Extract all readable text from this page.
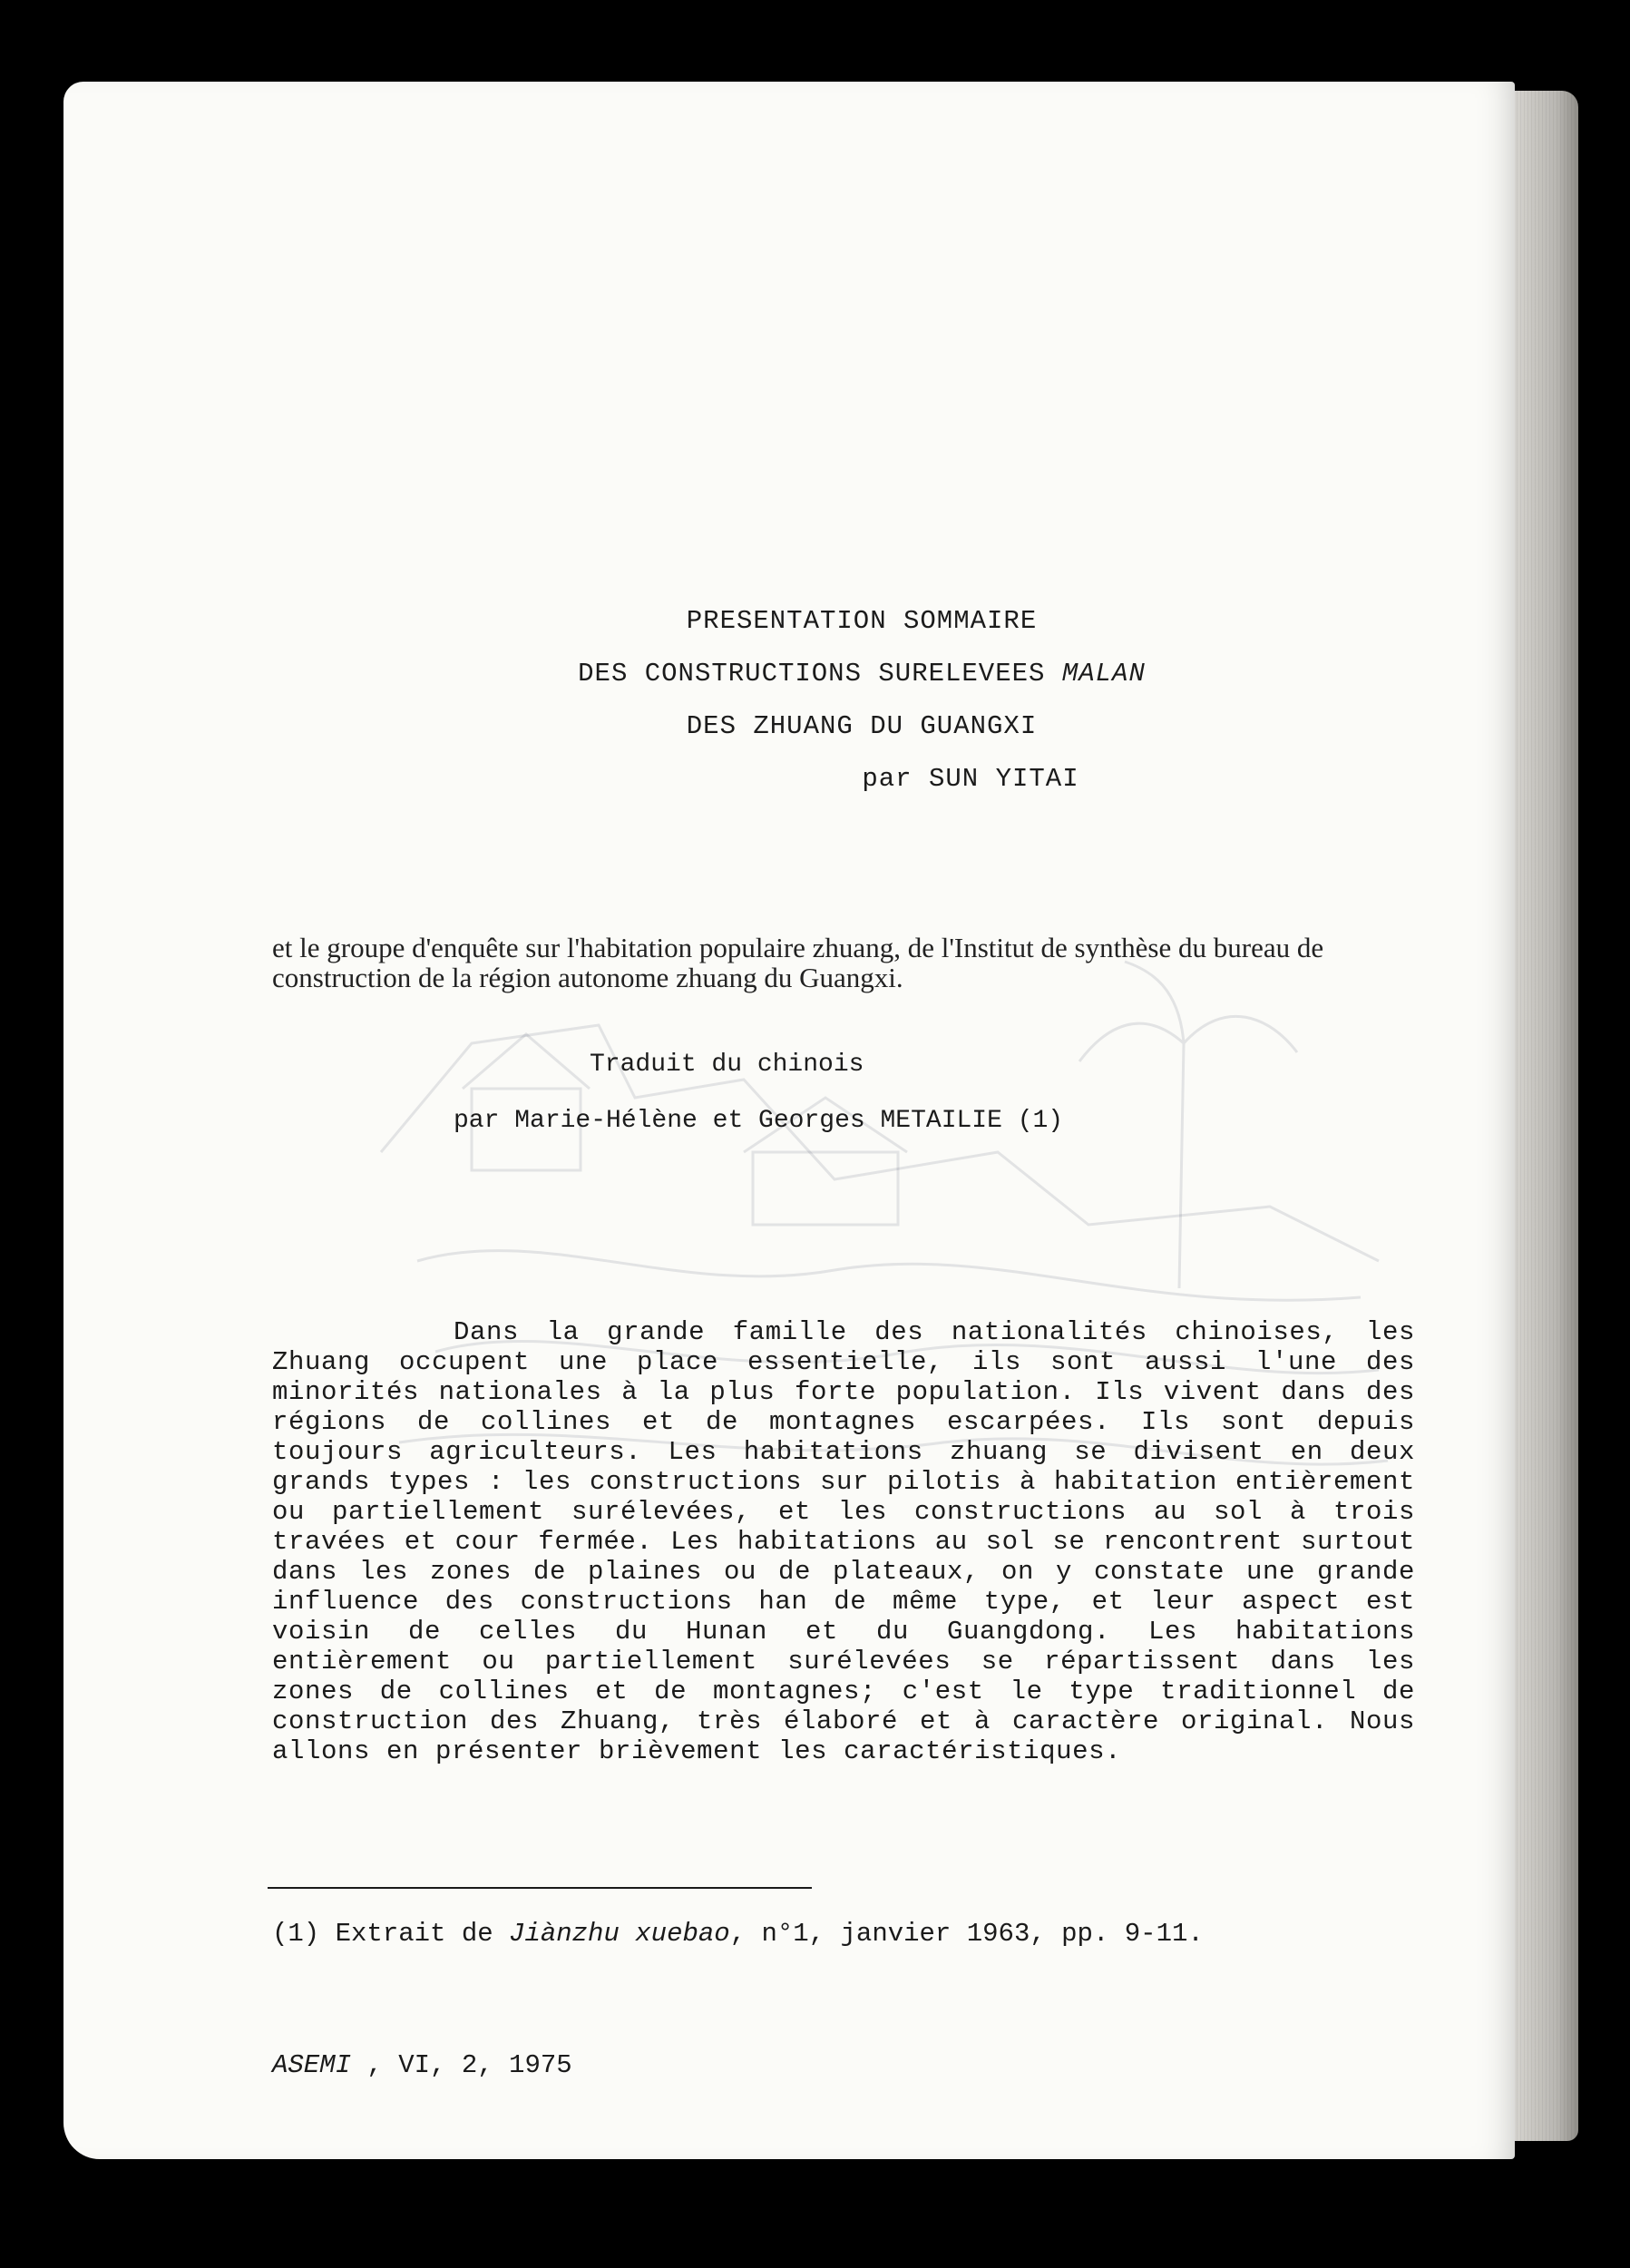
PRESENTATION SOMMAIRE
DES CONSTRUCTIONS SURELEVEES MALAN
DES ZHUANG DU GUANGXI
par SUN YITAI
et le groupe d'enquête sur l'habitation populaire zhuang, de l'Institut de synthèse du bureau de construction de la région autonome zhuang du Guangxi.
Traduit du chinois
par Marie-Hélène et Georges METAILIE (1)
Dans la grande famille des nationalités chinoises, les Zhuang occupent une place essentielle, ils sont aussi l'une des minorités nationales à la plus forte population. Ils vivent dans des régions de collines et de montagnes escarpées. Ils sont depuis toujours agriculteurs. Les habitations zhuang se divisent en deux grands types : les constructions sur pilotis à habitation entièrement ou partiellement surélevées, et les constructions au sol à trois travées et cour fermée. Les habitations au sol se rencontrent surtout dans les zones de plaines ou de plateaux, on y constate une grande influence des constructions han de même type, et leur aspect est voisin de celles du Hunan et du Guangdong. Les habitations entièrement ou partiellement surélevées se répartissent dans les zones de collines et de montagnes; c'est le type traditionnel de construction des Zhuang, très élaboré et à caractère original. Nous allons en présenter brièvement les caractéristiques.
(1) Extrait de Jiànzhu xuebao, n°1, janvier 1963, pp. 9-11.
ASEMI , VI, 2, 1975
